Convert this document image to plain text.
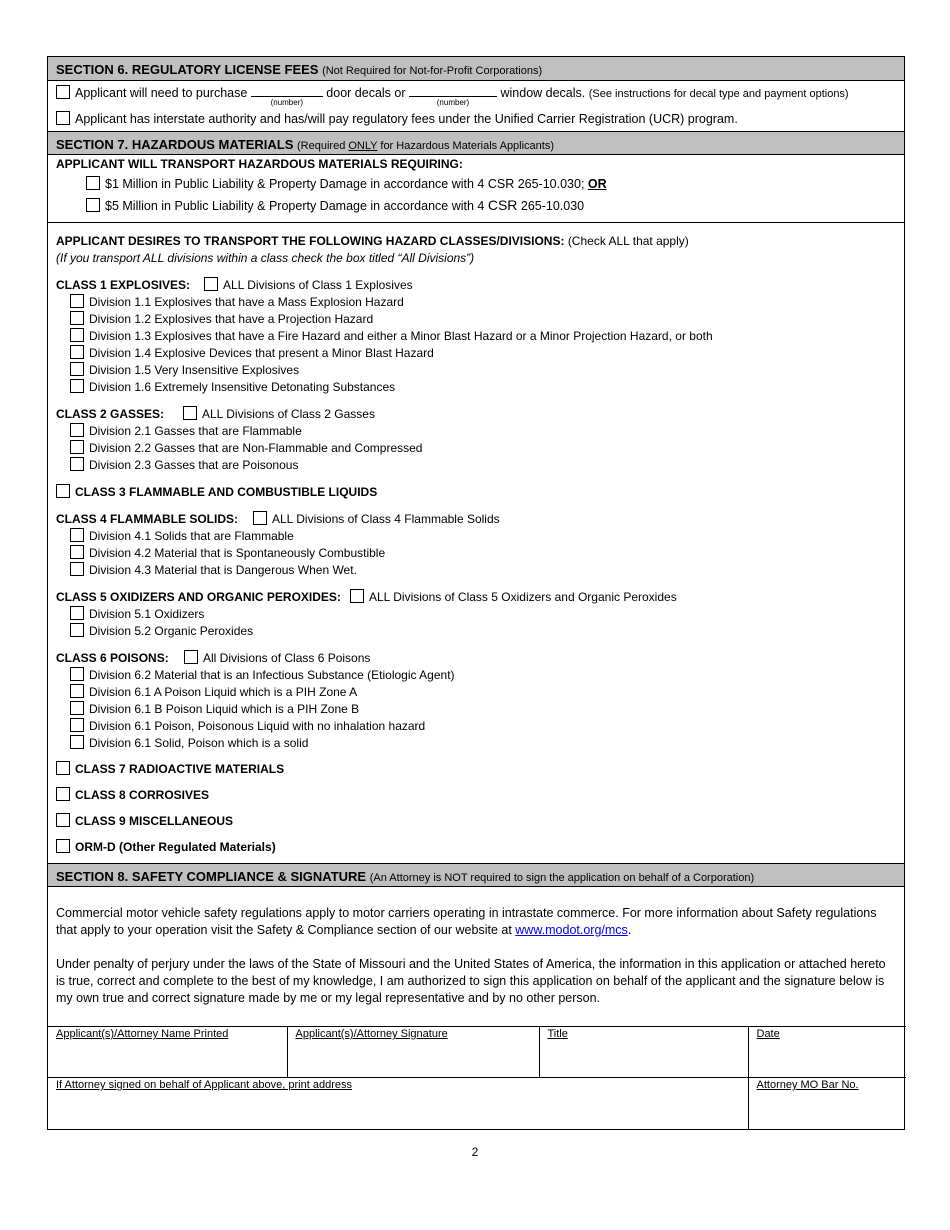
SECTION 6. REGULATORY LICENSE FEES (Not Required for Not-for-Profit Corporations)
Applicant will need to purchase
(number)
door decals or
(number)
window decals. (See instructions for decal type and payment options)
Applicant has interstate authority and has/will pay regulatory fees under the Unified Carrier Registration (UCR) program.
SECTION 7. HAZARDOUS MATERIALS (Required ONLY for Hazardous Materials Applicants)
APPLICANT WILL TRANSPORT HAZARDOUS MATERIALS REQUIRING:
$1 Million in Public Liability & Property Damage in accordance with 4 CSR 265-10.030; OR
$5 Million in Public Liability & Property Damage in accordance with 4 CSR 265-10.030
APPLICANT DESIRES TO TRANSPORT THE FOLLOWING HAZARD CLASSES/DIVISIONS: (Check ALL that apply)
(If you transport ALL divisions within a class check the box titled “All Divisions”)
CLASS 1 EXPLOSIVES:	ALL Divisions of Class 1 Explosives
Division 1.1 Explosives that have a Mass Explosion Hazard
Division 1.2 Explosives that have a Projection Hazard
Division 1.3 Explosives that have a Fire Hazard and either a Minor Blast Hazard or a Minor Projection Hazard, or both
Division 1.4 Explosive Devices that present a Minor Blast Hazard
Division 1.5 Very Insensitive Explosives
Division 1.6 Extremely Insensitive Detonating Substances
CLASS 2 GASSES:	ALL Divisions of Class 2 Gasses
Division 2.1 Gasses that are Flammable
Division 2.2 Gasses that are Non-Flammable and Compressed
Division 2.3 Gasses that are Poisonous
CLASS 3 FLAMMABLE AND COMBUSTIBLE LIQUIDS
CLASS 4 FLAMMABLE SOLIDS:	ALL Divisions of Class 4 Flammable Solids
Division 4.1 Solids that are Flammable
Division 4.2 Material that is Spontaneously Combustible
Division 4.3 Material that is Dangerous When Wet.
CLASS 5 OXIDIZERS AND ORGANIC PEROXIDES: ALL Divisions of Class 5 Oxidizers and Organic Peroxides
Division 5.1 Oxidizers
Division 5.2 Organic Peroxides
CLASS 6 POISONS:	All Divisions of Class 6 Poisons
Division 6.2 Material that is an Infectious Substance (Etiologic Agent)
Division 6.1 A Poison Liquid which is a PIH Zone A
Division 6.1 B Poison Liquid which is a PIH Zone B
Division 6.1 Poison, Poisonous Liquid with no inhalation hazard
Division 6.1 Solid, Poison which is a solid
CLASS 7 RADIOACTIVE MATERIALS
CLASS 8 CORROSIVES
CLASS 9 MISCELLANEOUS
ORM-D (Other Regulated Materials)
SECTION 8. SAFETY COMPLIANCE & SIGNATURE (An Attorney is NOT required to sign the application on behalf of a Corporation)
Commercial motor vehicle safety regulations apply to motor carriers operating in intrastate commerce. For more information about Safety regulations that apply to your operation visit the Safety & Compliance section of our website at www.modot.org/mcs.
Under penalty of perjury under the laws of the State of Missouri and the United States of America, the information in this application or attached hereto is true, correct and complete to the best of my knowledge, I am authorized to sign this application on behalf of the applicant and the signature below is my own true and correct signature made by me or my legal representative and by no other person.
Applicant(s)/Attorney Name Printed	Applicant(s)/Attorney Signature	Title	Date
If Attorney signed on behalf of Applicant above, print address			Attorney MO Bar No.
2
